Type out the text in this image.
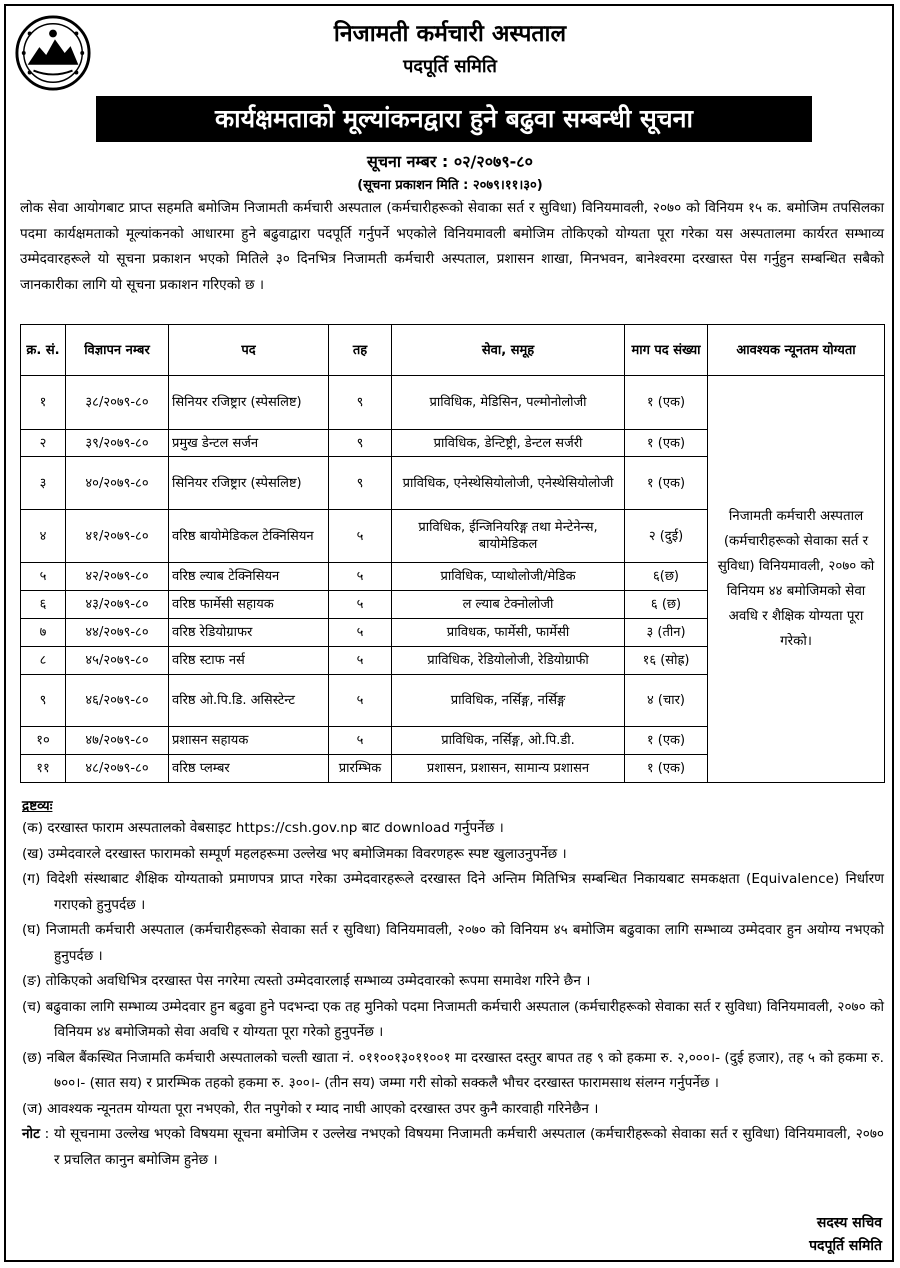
निजामती कर्मचारी अस्पताल
पदपूर्ति समिति
कार्यक्षमताको मूल्यांकनद्वारा हुने बढुवा सम्बन्धी सूचना
सूचना नम्बर : ०२/२०७९-८०
(सूचना प्रकाशन मिति : २०७९।११।३०)

लोक सेवा आयोगबाट प्राप्त सहमति बमोजिम निजामती कर्मचारी अस्पताल (कर्मचारीहरूको सेवाका सर्त र सुविधा) विनियमावली, २०७० को विनियम १५ क. बमोजिम तपसिलका पदमा कार्यक्षमताको मूल्यांकनको आधारमा हुने बढुवाद्वारा पदपूर्ति गर्नुपर्ने भएकोले विनियमावली बमोजिम तोकिएको योग्यता पूरा गरेका यस अस्पतालमा कार्यरत सम्भाव्य उम्मेदवारहरूले यो सूचना प्रकाशन भएको मितिले ३० दिनभित्र निजामती कर्मचारी अस्पताल, प्रशासन शाखा, मिनभवन, बानेश्वरमा दरखास्त पेस गर्नुहुन सम्बन्धित सबैको जानकारीका लागि यो सूचना प्रकाशन गरिएको छ ।

क्र. सं.	विज्ञापन नम्बर	पद	तह	सेवा, समूह	माग पद संख्या	आवश्यक न्यूनतम योग्यता
१	३८/२०७९-८०	सिनियर रजिष्ट्रार (स्पेसलिष्ट)	९	प्राविधिक, मेडिसिन, पल्मोनोलोजी	१ (एक)	निजामती कर्मचारी अस्पताल (कर्मचारीहरूको सेवाका सर्त र सुविधा) विनियमावली, २०७० को विनियम ४४ बमोजिमको सेवा अवधि र शैक्षिक योग्यता पूरा गरेको।
२	३९/२०७९-८०	प्रमुख डेन्टल सर्जन	९	प्राविधिक, डेन्टिष्ट्री, डेन्टल सर्जरी	१ (एक)	
३	४०/२०७९-८०	सिनियर रजिष्ट्रार (स्पेसलिष्ट)	९	प्राविधिक, एनेस्थेसियोलोजी, एनेस्थेसियोलोजी	१ (एक)	
४	४१/२०७९-८०	वरिष्ठ बायोमेडिकल टेक्निसियन	५	प्राविधिक, ईन्जिनियरिङ्ग तथा मेन्टेनेन्स, बायोमेडिकल	२ (दुई)	
५	४२/२०७९-८०	वरिष्ठ ल्याब टेक्निसियन	५	प्राविधिक, प्याथोलोजी/मेडिक	६(छ)	
६	४३/२०७९-८०	वरिष्ठ फार्मेसी सहायक	५	ल ल्याब टेक्नोलोजी	६ (छ)	
७	४४/२०७९-८०	वरिष्ठ रेडियोग्राफर	५	प्राविधक, फार्मेसी, फार्मेसी	३ (तीन)	
८	४५/२०७९-८०	वरिष्ठ स्टाफ नर्स	५	प्राविधिक, रेडियोलोजी, रेडियोग्राफी	१६ (सोह्र)	
९	४६/२०७९-८०	वरिष्ठ ओ.पि.डि. असिस्टेन्ट	५	प्राविधिक, नर्सिङ्ग, नर्सिङ्ग	४ (चार)	
१०	४७/२०७९-८०	प्रशासन सहायक	५	प्राविधिक, नर्सिङ्ग, ओ.पि.डी.	१ (एक)	
११	४८/२०७९-८०	वरिष्ठ प्लम्बर	प्रारम्भिक	प्रशासन, प्रशासन, सामान्य प्रशासन	१ (एक)	
द्रष्टव्यः

(क) दरखास्त फाराम अस्पतालको वेबसाइट https://csh.gov.np बाट download गर्नुपर्नेछ ।

(ख) उम्मेदवारले दरखास्त फारामको सम्पूर्ण महलहरूमा उल्लेख भए बमोजिमका विवरणहरू स्पष्ट खुलाउनुपर्नेछ ।

(ग) विदेशी संस्थाबाट शैक्षिक योग्यताको प्रमाणपत्र प्राप्त गरेका उम्मेदवारहरूले दरखास्त दिने अन्तिम मितिभित्र सम्बन्धित निकायबाट समकक्षता (Equivalence) निर्धारण गराएको हुनुपर्दछ ।

(घ) निजामती कर्मचारी अस्पताल (कर्मचारीहरूको सेवाका सर्त र सुविधा) विनियमावली, २०७० को विनियम ४५ बमोजिम बढुवाका लागि सम्भाव्य उम्मेदवार हुन अयोग्य नभएको हुनुपर्दछ ।

(ङ) तोकिएको अवधिभित्र दरखास्त पेस नगरेमा त्यस्तो उम्मेदवारलाई सम्भाव्य उम्मेदवारको रूपमा समावेश गरिने छैन ।

(च) बढुवाका लागि सम्भाव्य उम्मेदवार हुन बढुवा हुने पदभन्दा एक तह मुनिको पदमा निजामती कर्मचारी अस्पताल (कर्मचारीहरूको सेवाका सर्त र सुविधा) विनियमावली, २०७० को विनियम ४४ बमोजिमको सेवा अवधि र योग्यता पूरा गरेको हुनुपर्नेछ ।

(छ) नबिल बैंकस्थित निजामति कर्मचारी अस्पतालको चल्ती खाता नं. ०११००१३०११००१ मा दरखास्त दस्तुर बापत तह ९ को हकमा रु. २,०००।- (दुई हजार), तह ५ को हकमा रु. ७००।- (सात सय) र प्रारम्भिक तहको हकमा रु. ३००।- (तीन सय) जम्मा गरी सोको सक्कलै भौचर दरखास्त फारामसाथ संलग्न गर्नुपर्नेछ ।

(ज) आवश्यक न्यूनतम योग्यता पूरा नभएको, रीत नपुगेको र म्याद नाघी आएको दरखास्त उपर कुनै कारवाही गरिनेछैन ।

नोट : यो सूचनामा उल्लेख भएको विषयमा सूचना बमोजिम र उल्लेख नभएको विषयमा निजामती कर्मचारी अस्पताल (कर्मचारीहरूको सेवाका सर्त र सुविधा) विनियमावली, २०७० र प्रचलित कानुन बमोजिम हुनेछ ।

सदस्य सचिव
पदपूर्ति समिति
